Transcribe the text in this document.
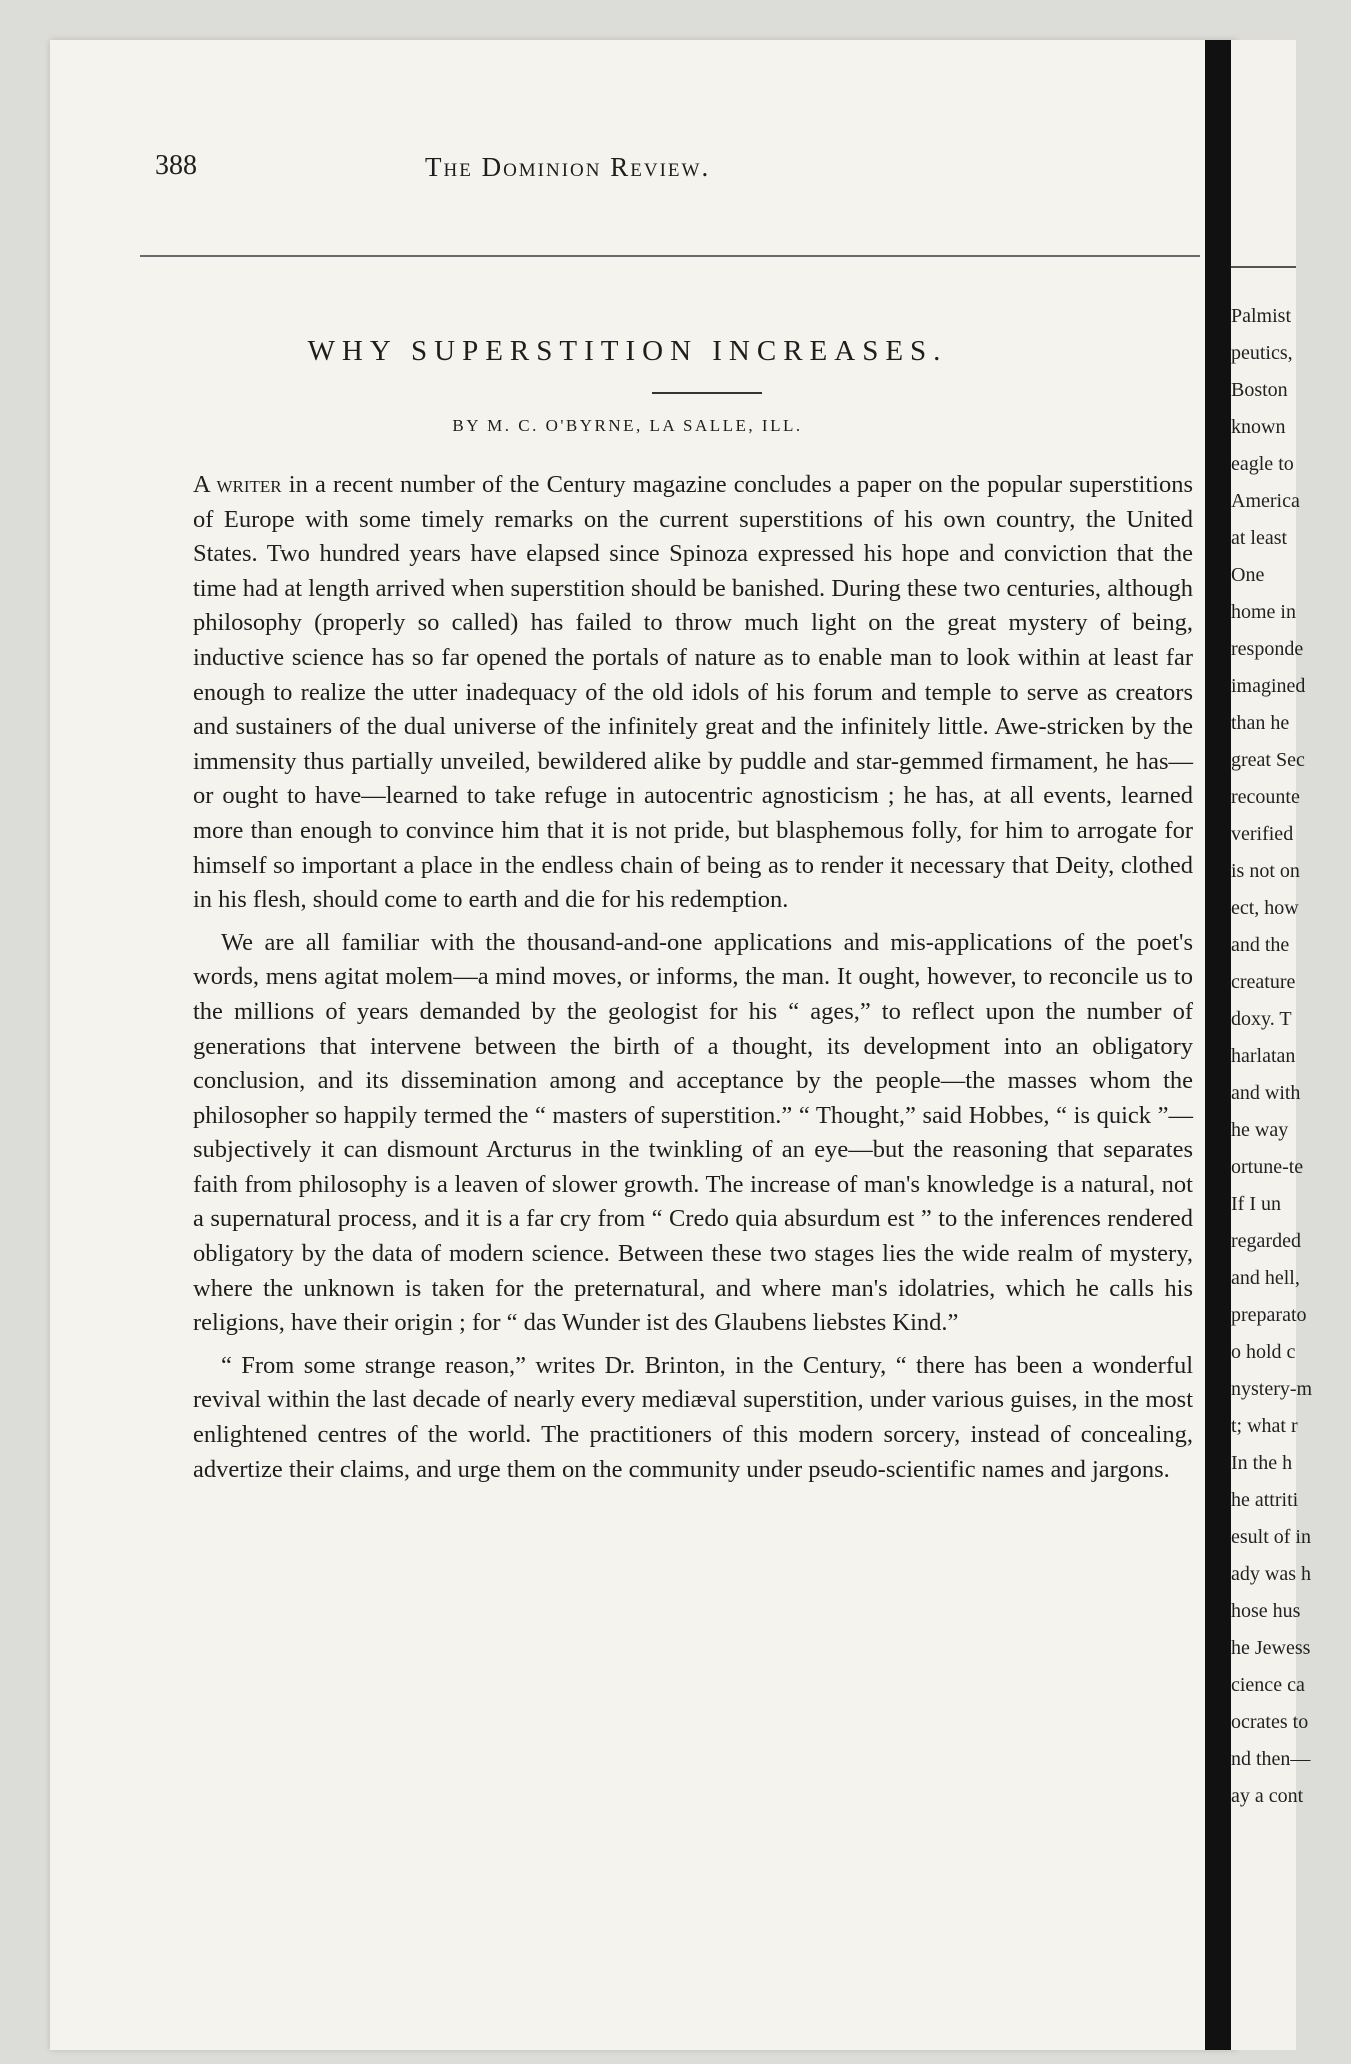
Palmist
peutics,
Boston
known
eagle to
America
at least
One
home in
responde
imagined
than he
great Sec
recounte
verified
is not on
ect, how
and the
creature
doxy. T
harlatan
and with
he way
ortune-te
If I un
regarded
and hell,
preparato
o hold c
nystery-m
t; what r
In the h
he attriti
esult of in
ady was h
hose hus
he Jewess
cience ca
ocrates to
nd then—
ay a cont
388	The Dominion Review.
WHY SUPERSTITION INCREASES.
BY M. C. O'BYRNE, LA SALLE, ILL.

A writer in a recent number of the Century magazine concludes a paper on the popular superstitions of Europe with some timely remarks on the current superstitions of his own country, the United States. Two hundred years have elapsed since Spinoza expressed his hope and conviction that the time had at length arrived when superstition should be banished. During these two centuries, although philosophy (properly so called) has failed to throw much light on the great mystery of being, inductive science has so far opened the portals of nature as to enable man to look within at least far enough to realize the utter inadequacy of the old idols of his forum and temple to serve as creators and sustainers of the dual universe of the infinitely great and the infinitely little. Awe-stricken by the immensity thus partially unveiled, bewildered alike by puddle and star-gemmed firmament, he has—or ought to have—learned to take refuge in autocentric agnosticism ; he has, at all events, learned more than enough to convince him that it is not pride, but blasphemous folly, for him to arrogate for himself so important a place in the endless chain of being as to render it necessary that Deity, clothed in his flesh, should come to earth and die for his redemption.

We are all familiar with the thousand-and-one applications and mis-applications of the poet's words, mens agitat molem—a mind moves, or informs, the man. It ought, however, to reconcile us to the millions of years demanded by the geologist for his “ ages,” to reflect upon the number of generations that intervene between the birth of a thought, its development into an obligatory conclusion, and its dissemination among and acceptance by the people—the masses whom the philosopher so happily termed the “ masters of superstition.” “ Thought,” said Hobbes, “ is quick ”—subjectively it can dismount Arcturus in the twinkling of an eye—but the reasoning that separates faith from philosophy is a leaven of slower growth. The increase of man's knowledge is a natural, not a supernatural process, and it is a far cry from “ Credo quia absurdum est ” to the inferences rendered obligatory by the data of modern science. Between these two stages lies the wide realm of mystery, where the unknown is taken for the preternatural, and where man's idolatries, which he calls his religions, have their origin ; for “ das Wunder ist des Glaubens liebstes Kind.”

“ From some strange reason,” writes Dr. Brinton, in the Century, “ there has been a wonderful revival within the last decade of nearly every mediæval superstition, under various guises, in the most enlightened centres of the world. The practitioners of this modern sorcery, instead of concealing, advertize their claims, and urge them on the community under pseudo-scientific names and jargons.
